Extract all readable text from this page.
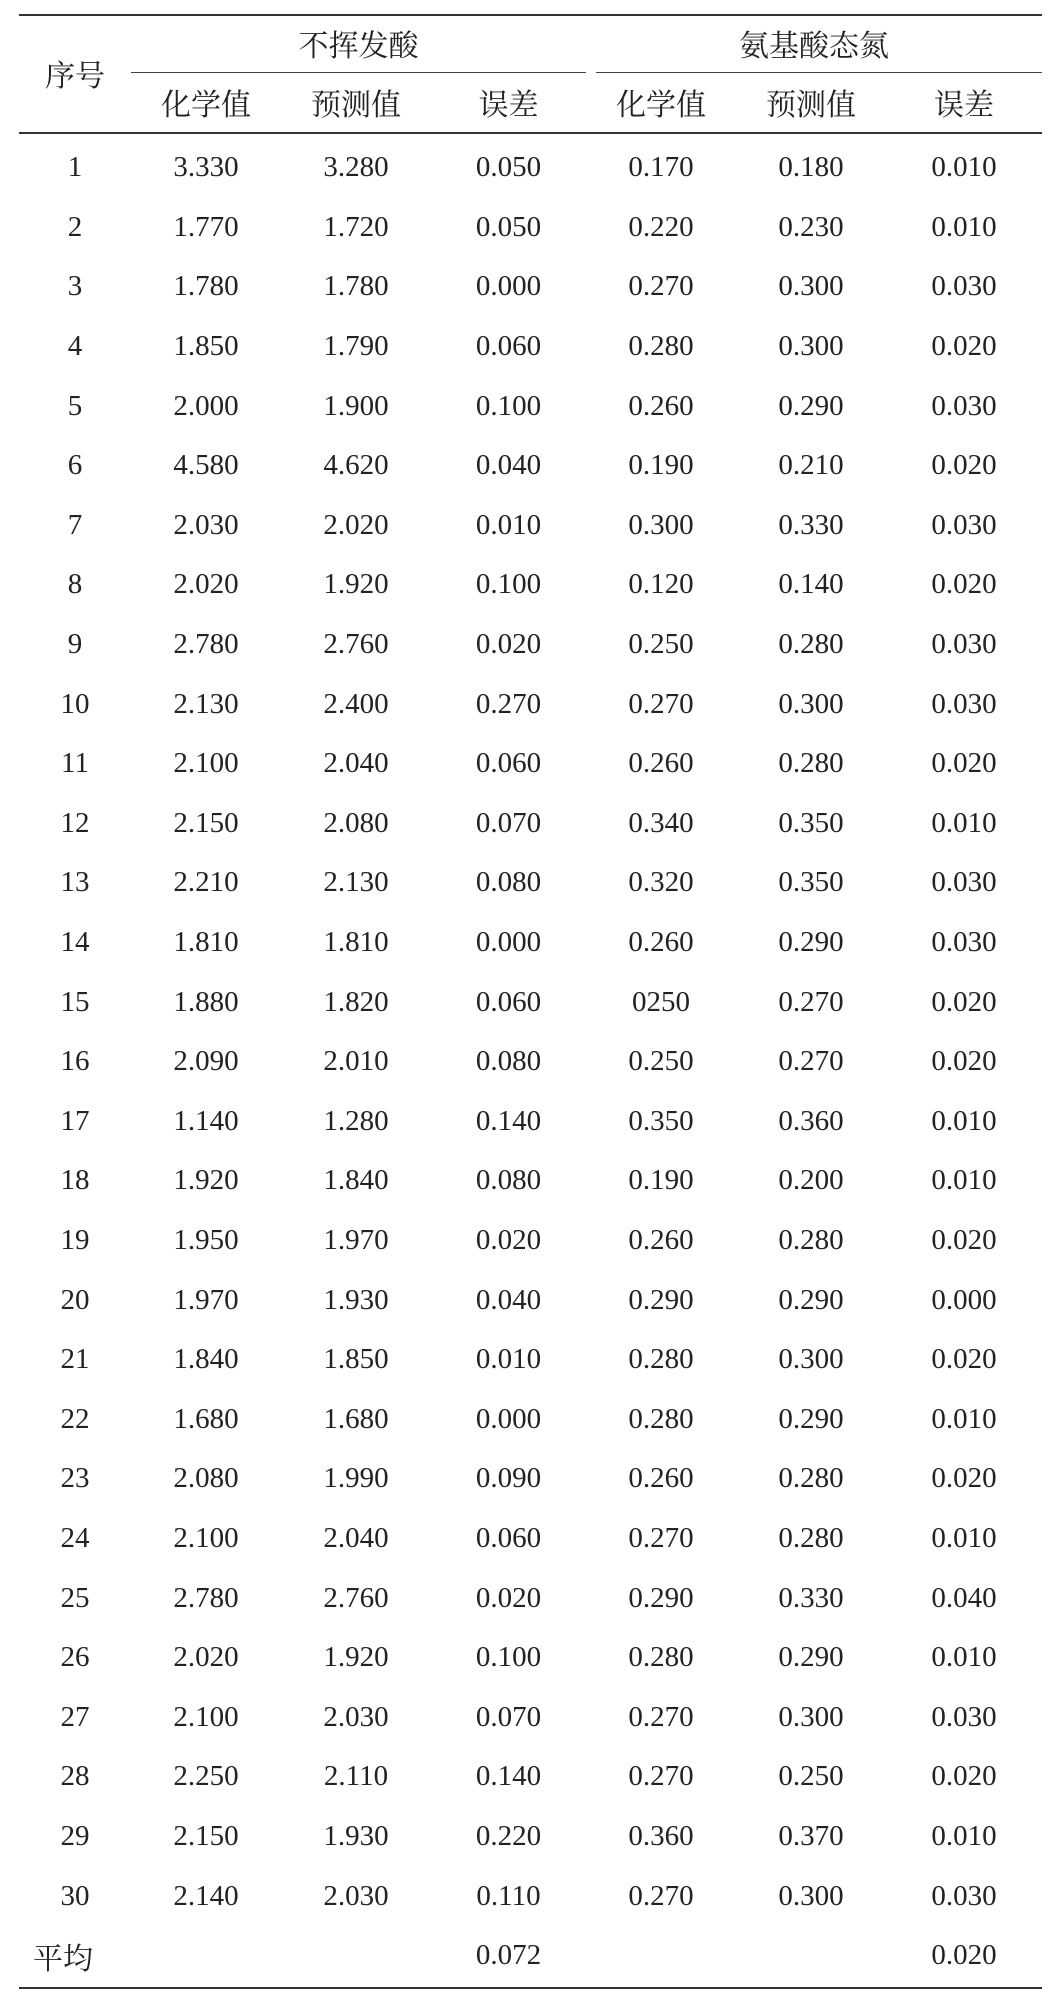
序号	不挥发酸			氨基酸态氮		
	化学值	预测值	误差	化学值	预测值	误差
1	3.330	3.280	0.050	0.170	0.180	0.010
2	1.770	1.720	0.050	0.220	0.230	0.010
3	1.780	1.780	0.000	0.270	0.300	0.030
4	1.850	1.790	0.060	0.280	0.300	0.020
5	2.000	1.900	0.100	0.260	0.290	0.030
6	4.580	4.620	0.040	0.190	0.210	0.020
7	2.030	2.020	0.010	0.300	0.330	0.030
8	2.020	1.920	0.100	0.120	0.140	0.020
9	2.780	2.760	0.020	0.250	0.280	0.030
10	2.130	2.400	0.270	0.270	0.300	0.030
11	2.100	2.040	0.060	0.260	0.280	0.020
12	2.150	2.080	0.070	0.340	0.350	0.010
13	2.210	2.130	0.080	0.320	0.350	0.030
14	1.810	1.810	0.000	0.260	0.290	0.030
15	1.880	1.820	0.060	0250	0.270	0.020
16	2.090	2.010	0.080	0.250	0.270	0.020
17	1.140	1.280	0.140	0.350	0.360	0.010
18	1.920	1.840	0.080	0.190	0.200	0.010
19	1.950	1.970	0.020	0.260	0.280	0.020
20	1.970	1.930	0.040	0.290	0.290	0.000
21	1.840	1.850	0.010	0.280	0.300	0.020
22	1.680	1.680	0.000	0.280	0.290	0.010
23	2.080	1.990	0.090	0.260	0.280	0.020
24	2.100	2.040	0.060	0.270	0.280	0.010
25	2.780	2.760	0.020	0.290	0.330	0.040
26	2.020	1.920	0.100	0.280	0.290	0.010
27	2.100	2.030	0.070	0.270	0.300	0.030
28	2.250	2.110	0.140	0.270	0.250	0.020
29	2.150	1.930	0.220	0.360	0.370	0.010
30	2.140	2.030	0.110	0.270	0.300	0.030
平均			0.072			0.020
